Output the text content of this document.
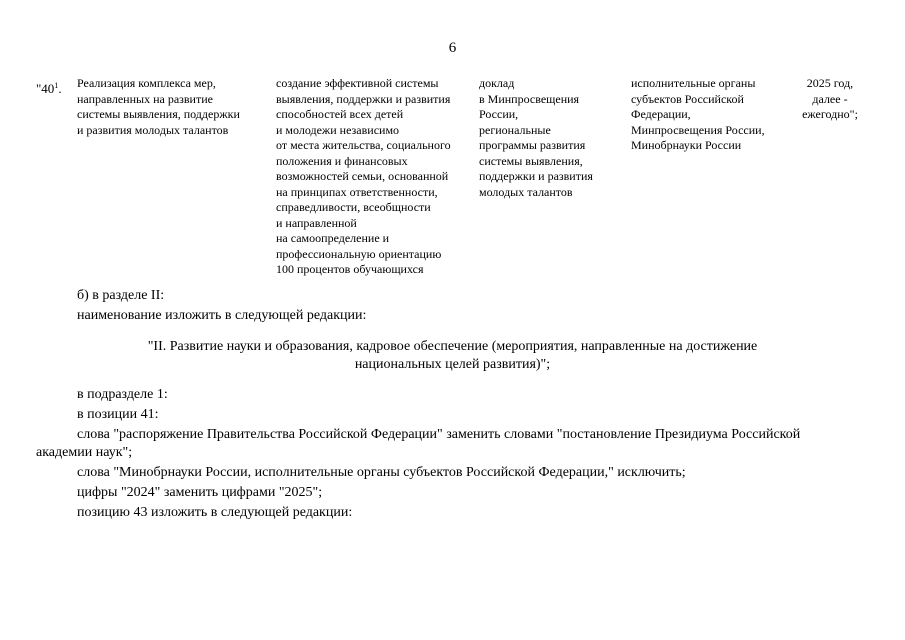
6
"$40^1$. Реализация комплекса мер,
направленных на развитие
системы выявления, поддержки
и развития молодых талантов
создание эффективной системы
выявления, поддержки и развития
способностей всех детей
и молодежи независимо
от места жительства, социального
положения и финансовых
возможностей семьи, основанной
на принципах ответственности,
справедливости, всеобщности
и направленной
на самоопределение и
профессиональную ориентацию
100 процентов обучающихся
доклад
в Минпросвещения
России,
региональные
программы развития
системы выявления,
поддержки и развития
молодых талантов
исполнительные органы
субъектов Российской
Федерации,
Минпросвещения России,
Минобрнауки России
2025 год,
далее -
ежегодно";
б) в разделе II:
наименование изложить в следующей редакции:
"II. Развитие науки и образования, кадровое обеспечение (мероприятия, направленные на достижение
национальных целей развития)";
в подразделе 1:
в позиции 41:
слова "распоряжение Правительства Российской Федерации" заменить словами "постановление Президиума Российской
академии наук";
слова "Минобрнауки России, исполнительные органы субъектов Российской Федерации," исключить;
цифры "2024" заменить цифрами "2025";
позицию 43 изложить в следующей редакции:
